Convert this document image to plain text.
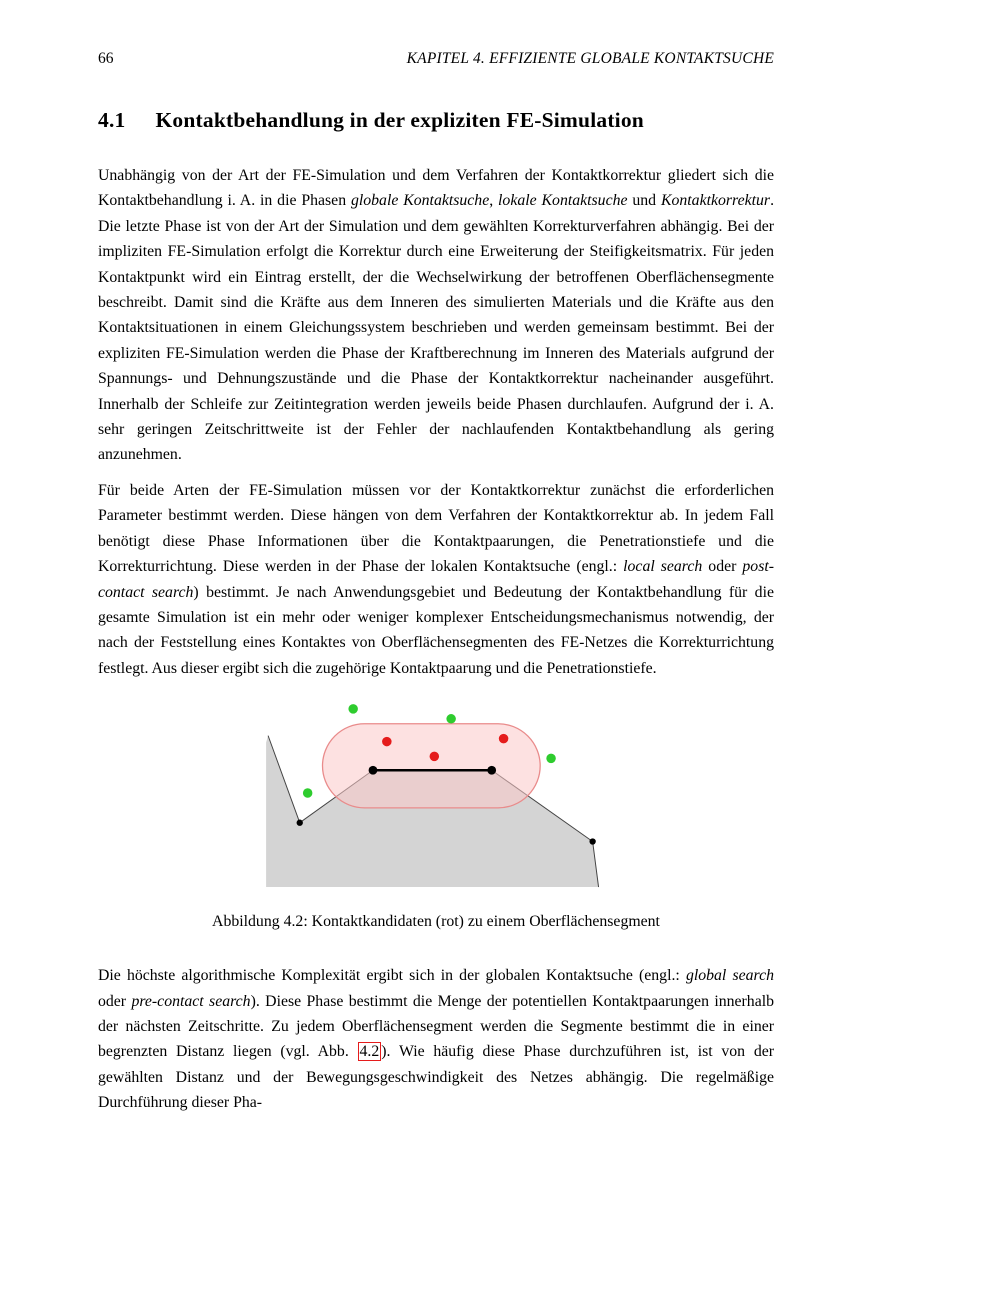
66	KAPITEL 4. EFFIZIENTE GLOBALE KONTAKTSUCHE
4.1 Kontaktbehandlung in der expliziten FE-Simulation

Unabhängig von der Art der FE-Simulation und dem Verfahren der Kontaktkorrektur gliedert sich die Kontaktbehandlung i. A. in die Phasen globale Kontaktsuche, lokale Kontaktsuche und Kontaktkorrektur. Die letzte Phase ist von der Art der Simulation und dem gewählten Korrekturverfahren abhängig. Bei der impliziten FE-Simulation erfolgt die Korrektur durch eine Erweiterung der Steifigkeitsmatrix. Für jeden Kontaktpunkt wird ein Eintrag erstellt, der die Wechselwirkung der betroffenen Oberflächensegmente beschreibt. Damit sind die Kräfte aus dem Inneren des simulierten Materials und die Kräfte aus den Kontaktsituationen in einem Gleichungssystem beschrieben und werden gemeinsam bestimmt. Bei der expliziten FE-Simulation werden die Phase der Kraftberechnung im Inneren des Materials aufgrund der Spannungs- und Dehnungszustände und die Phase der Kontaktkorrektur nacheinander ausgeführt. Innerhalb der Schleife zur Zeitintegration werden jeweils beide Phasen durchlaufen. Aufgrund der i. A. sehr geringen Zeitschrittweite ist der Fehler der nachlaufenden Kontaktbehandlung als gering anzunehmen.

Für beide Arten der FE-Simulation müssen vor der Kontaktkorrektur zunächst die erforderlichen Parameter bestimmt werden. Diese hängen von dem Verfahren der Kontaktkorrektur ab. In jedem Fall benötigt diese Phase Informationen über die Kontaktpaarungen, die Penetrationstiefe und die Korrekturrichtung. Diese werden in der Phase der lokalen Kontaktsuche (engl.: local search oder post-contact search) bestimmt. Je nach Anwendungsgebiet und Bedeutung der Kontaktbehandlung für die gesamte Simulation ist ein mehr oder weniger komplexer Entscheidungsmechanismus notwendig, der nach der Feststellung eines Kontaktes von Oberflächensegmenten des FE-Netzes die Korrekturrichtung festlegt. Aus dieser ergibt sich die zugehörige Kontaktpaarung und die Penetrationstiefe.

Abbildung 4.2: Kontaktkandidaten (rot) zu einem Oberflächensegment

Die höchste algorithmische Komplexität ergibt sich in der globalen Kontaktsuche (engl.: global search oder pre-contact search). Diese Phase bestimmt die Menge der potentiellen Kontaktpaarungen innerhalb der nächsten Zeitschritte. Zu jedem Oberflächensegment werden die Segmente bestimmt die in einer begrenzten Distanz liegen (vgl. Abb. 4.2 ). Wie häufig diese Phase durchzuführen ist, ist von der gewählten Distanz und der Bewegungsgeschwindigkeit des Netzes abhängig. Die regelmäßige Durchführung dieser Pha-
